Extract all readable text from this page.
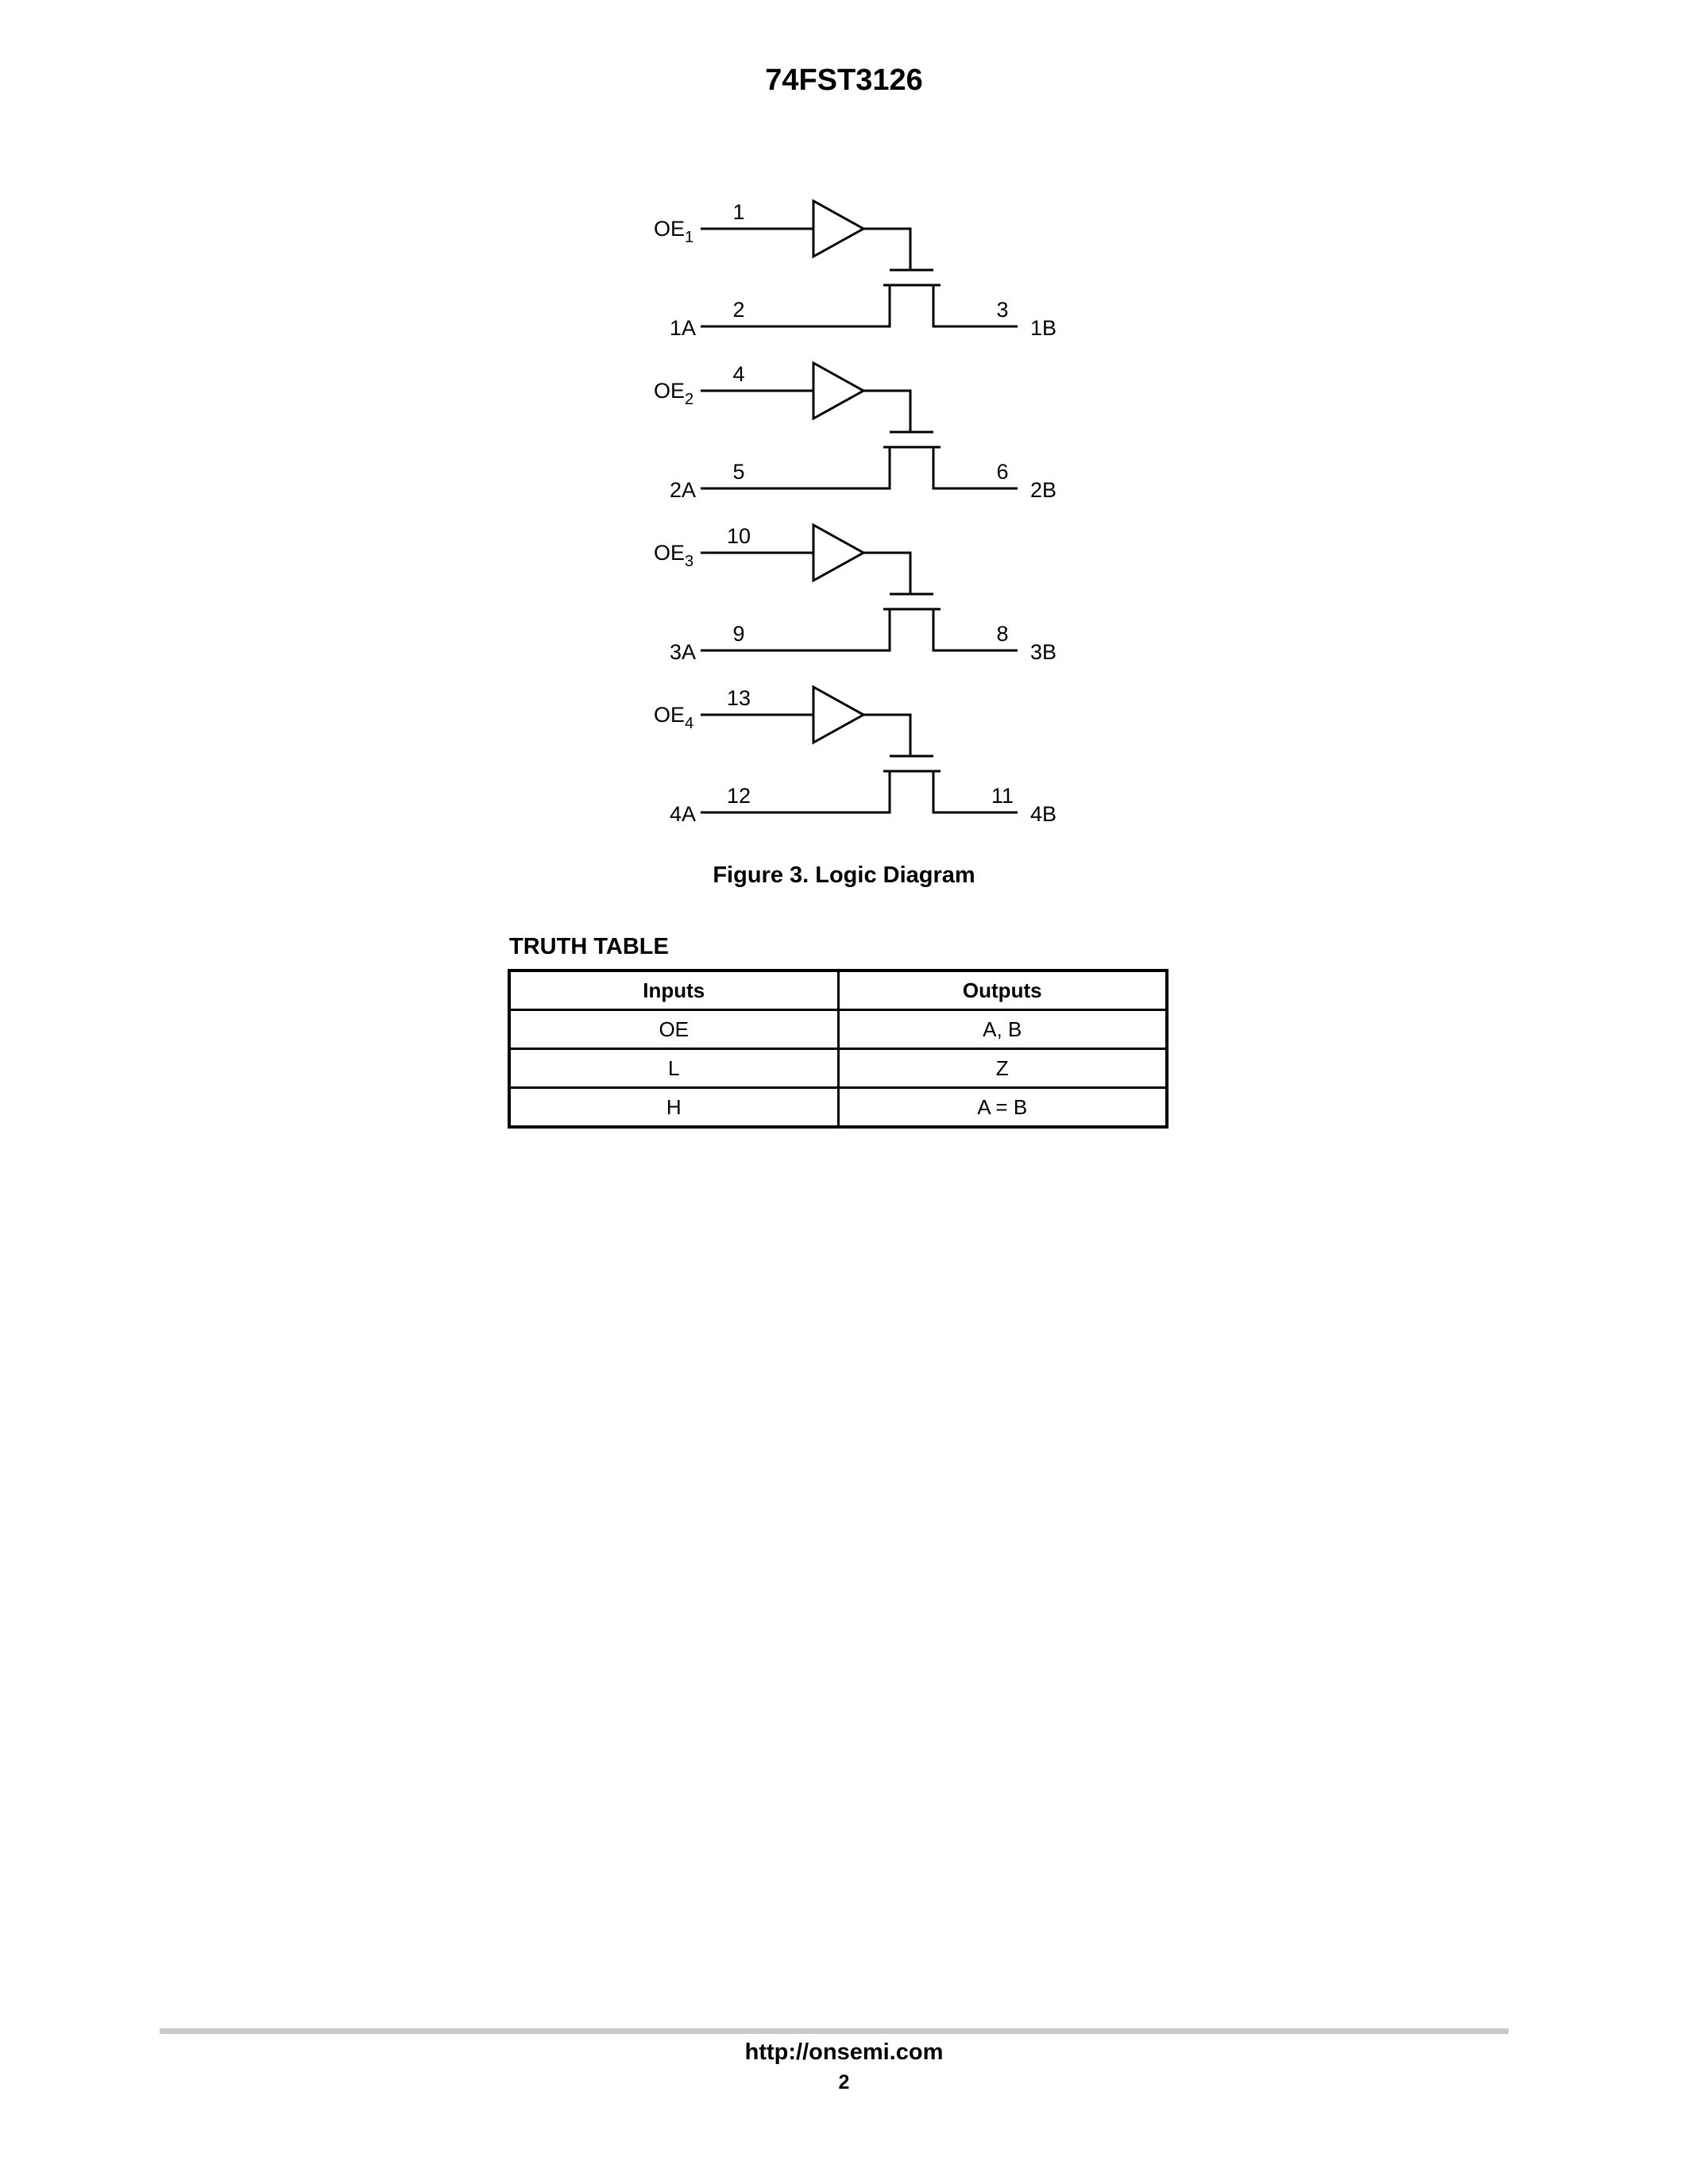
74FST3126
$OE_1$
1
1A
2	3
1B
$OE_2$
4
2A
5	6
2B
$OE_3$
10
3A
9	8
3B
$OE_4$
13
4A
12	11
4B
Figure 3. Logic Diagram
TRUTH TABLE
Inputs	Outputs
OE	A, B
L	Z
H	A = B
http://onsemi.com
2
